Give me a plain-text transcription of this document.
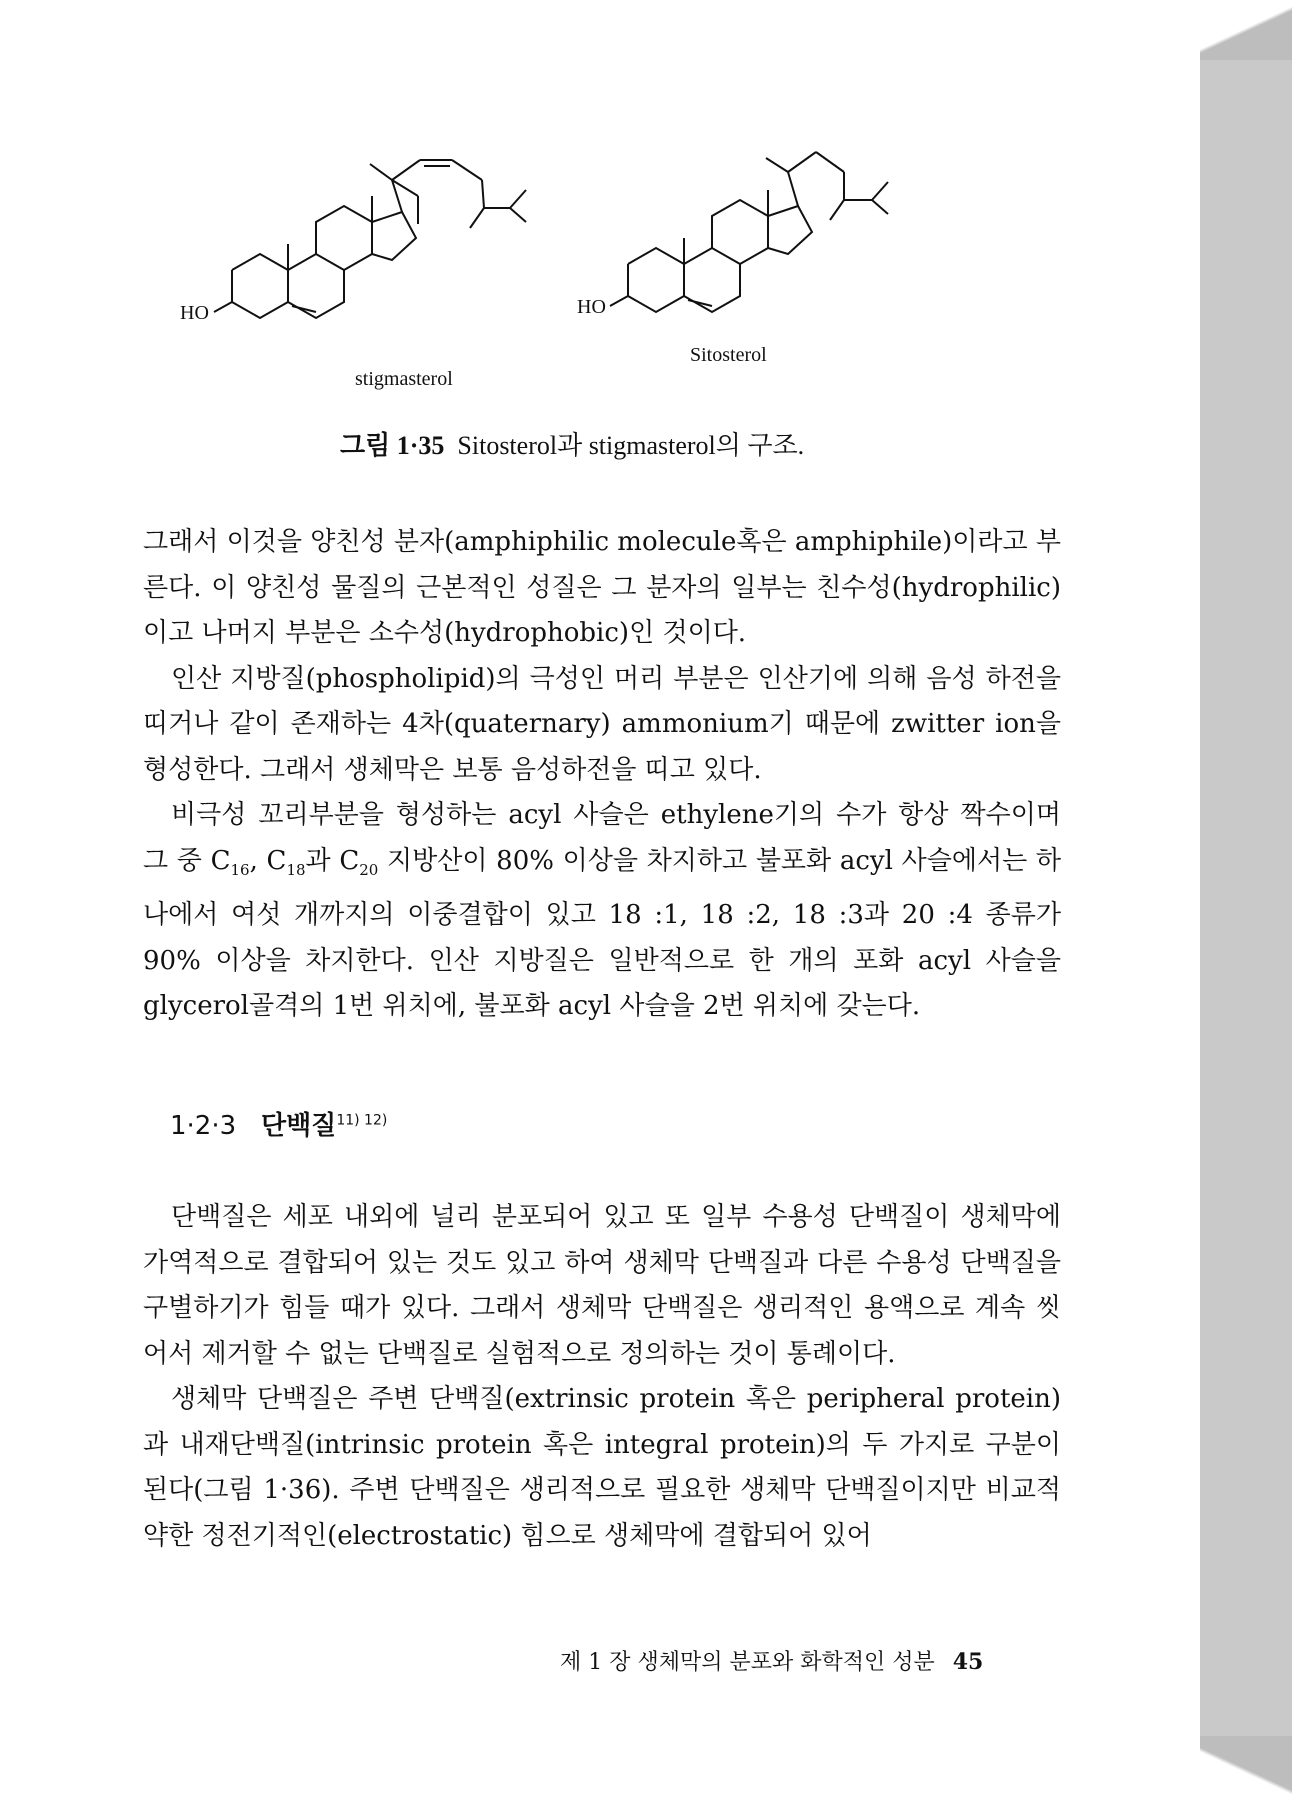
HO	HO
stigmasterol
Sitosterol
그림 1·35 Sitosterol과 stigmasterol의 구조.

그래서 이것을 양친성 분자(amphiphilic molecule혹은 amphiphile)이라고 부른다. 이 양친성 물질의 근본적인 성질은 그 분자의 일부는 친수성(hydrophilic)이고 나머지 부분은 소수성(hydrophobic)인 것이다.

인산 지방질(phospholipid)의 극성인 머리 부분은 인산기에 의해 음성 하전을 띠거나 같이 존재하는 4차(quaternary) ammonium기 때문에 zwitter ion을 형성한다. 그래서 생체막은 보통 음성하전을 띠고 있다.

비극성 꼬리부분을 형성하는 acyl 사슬은 ethylene기의 수가 항상 짝수이며 그 중 $C_{16}$, $C_{18}$과 $C_{20}$ 지방산이 80% 이상을 차지하고 불포화 acyl 사슬에서는 하나에서 여섯 개까지의 이중결합이 있고 18 :1, 18 :2, 18 :3과 20 :4 종류가 90% 이상을 차지한다. 인산 지방질은 일반적으로 한 개의 포화 acyl 사슬을 glycerol골격의 1번 위치에, 불포화 acyl 사슬을 2번 위치에 갖는다.

1·2·3 단백질$^{11) 12)}$

단백질은 세포 내외에 널리 분포되어 있고 또 일부 수용성 단백질이 생체막에 가역적으로 결합되어 있는 것도 있고 하여 생체막 단백질과 다른 수용성 단백질을 구별하기가 힘들 때가 있다. 그래서 생체막 단백질은 생리적인 용액으로 계속 씻어서 제거할 수 없는 단백질로 실험적으로 정의하는 것이 통례이다.

생체막 단백질은 주변 단백질(extrinsic protein 혹은 peripheral protein)과 내재단백질(intrinsic protein 혹은 integral protein)의 두 가지로 구분이 된다(그림 1·36). 주변 단백질은 생리적으로 필요한 생체막 단백질이지만 비교적 약한 정전기적인(electrostatic) 힘으로 생체막에 결합되어 있어

제 1 장 생체막의 분포와 화학적인 성분 45
